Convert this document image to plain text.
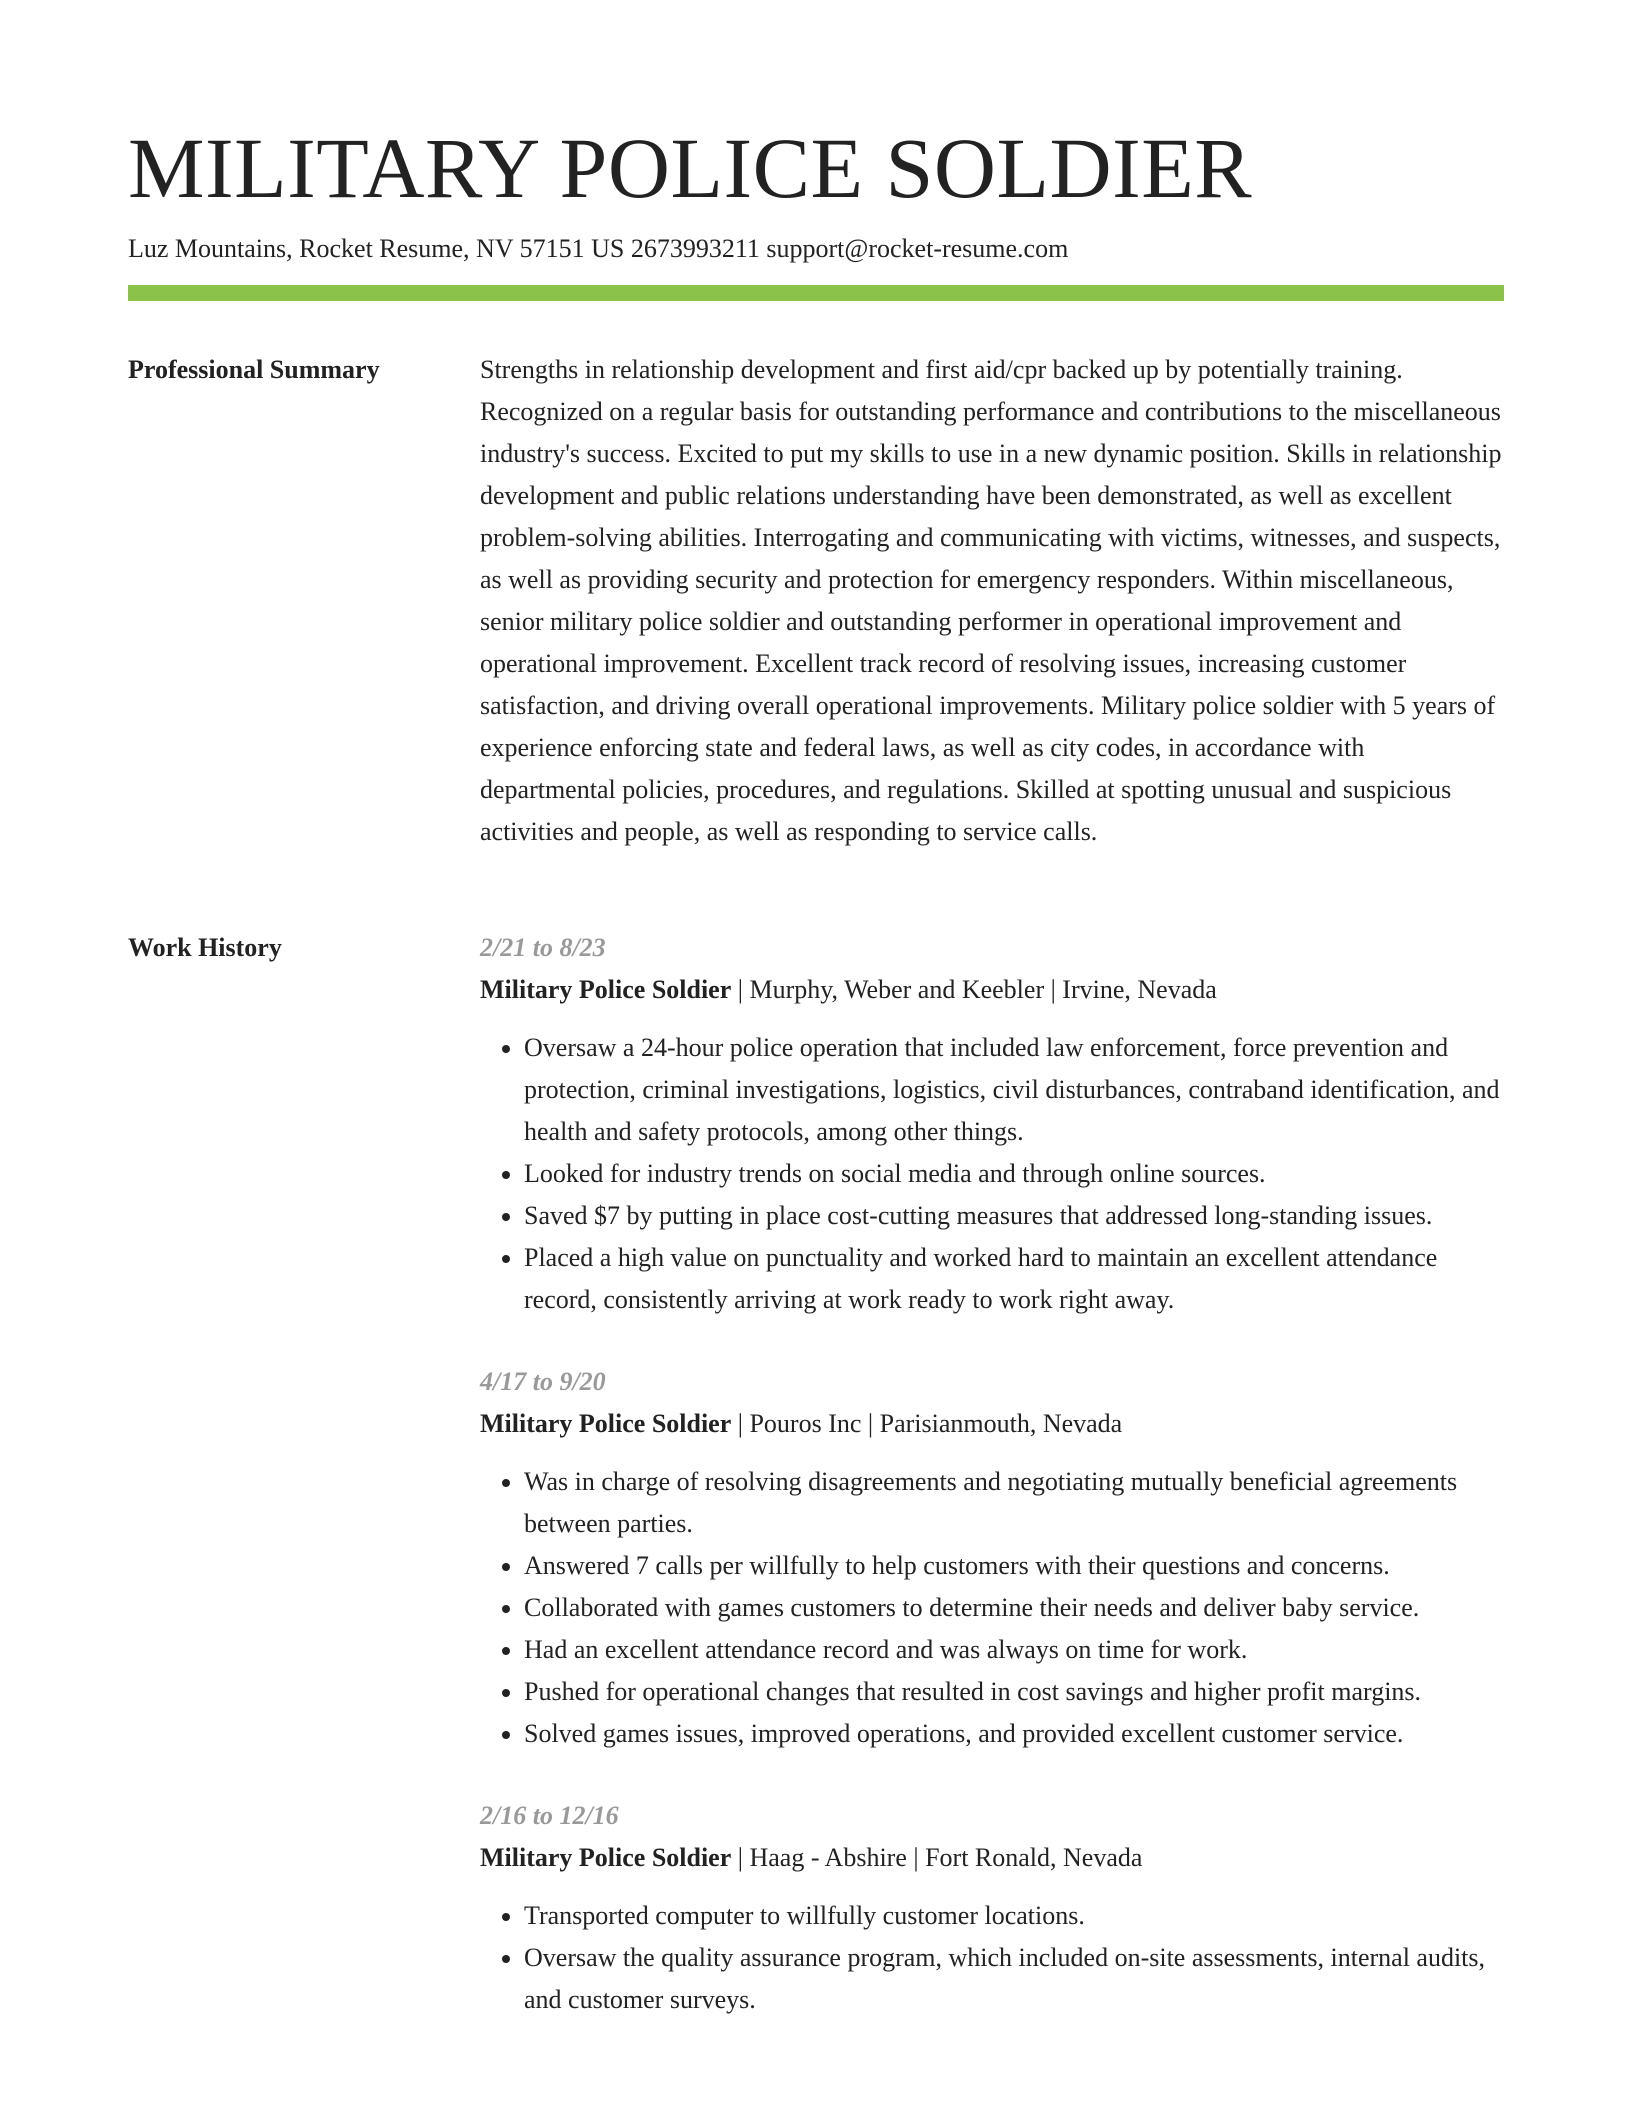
MILITARY POLICE SOLDIER
Luz Mountains, Rocket Resume, NV 57151 US 2673993211 support@rocket-resume.com
Professional Summary	Strengths in relationship development and first aid/cpr backed up by potentially training. Recognized on a regular basis for outstanding performance and contributions to the miscellaneous industry's success. Excited to put my skills to use in a new dynamic position. Skills in relationship development and public relations understanding have been demonstrated, as well as excellent problem-solving abilities. Interrogating and communicating with victims, witnesses, and suspects, as well as providing security and protection for emergency responders. Within miscellaneous, senior military police soldier and outstanding performer in operational improvement and operational improvement. Excellent track record of resolving issues, increasing customer satisfaction, and driving overall operational improvements. Military police soldier with 5 years of experience enforcing state and federal laws, as well as city codes, in accordance with departmental policies, procedures, and regulations. Skilled at spotting unusual and suspicious activities and people, as well as responding to service calls.

Work History	2/21 to 8/23
Military Police Soldier | Murphy, Weber and Keebler | Irvine, Nevada
• Oversaw a 24-hour police operation that included law enforcement, force prevention and protection, criminal investigations, logistics, civil disturbances, contraband identification, and health and safety protocols, among other things.
• Looked for industry trends on social media and through online sources.
• Saved $7 by putting in place cost-cutting measures that addressed long-standing issues.
• Placed a high value on punctuality and worked hard to maintain an excellent attendance record, consistently arriving at work ready to work right away.
4/17 to 9/20
Military Police Soldier | Pouros Inc | Parisianmouth, Nevada
• Was in charge of resolving disagreements and negotiating mutually beneficial agreements between parties.
• Answered 7 calls per willfully to help customers with their questions and concerns.
• Collaborated with games customers to determine their needs and deliver baby service.
• Had an excellent attendance record and was always on time for work.
• Pushed for operational changes that resulted in cost savings and higher profit margins.
• Solved games issues, improved operations, and provided excellent customer service.
2/16 to 12/16
Military Police Soldier | Haag - Abshire | Fort Ronald, Nevada
• Transported computer to willfully customer locations.
• Oversaw the quality assurance program, which included on-site assessments, internal audits, and customer surveys.
